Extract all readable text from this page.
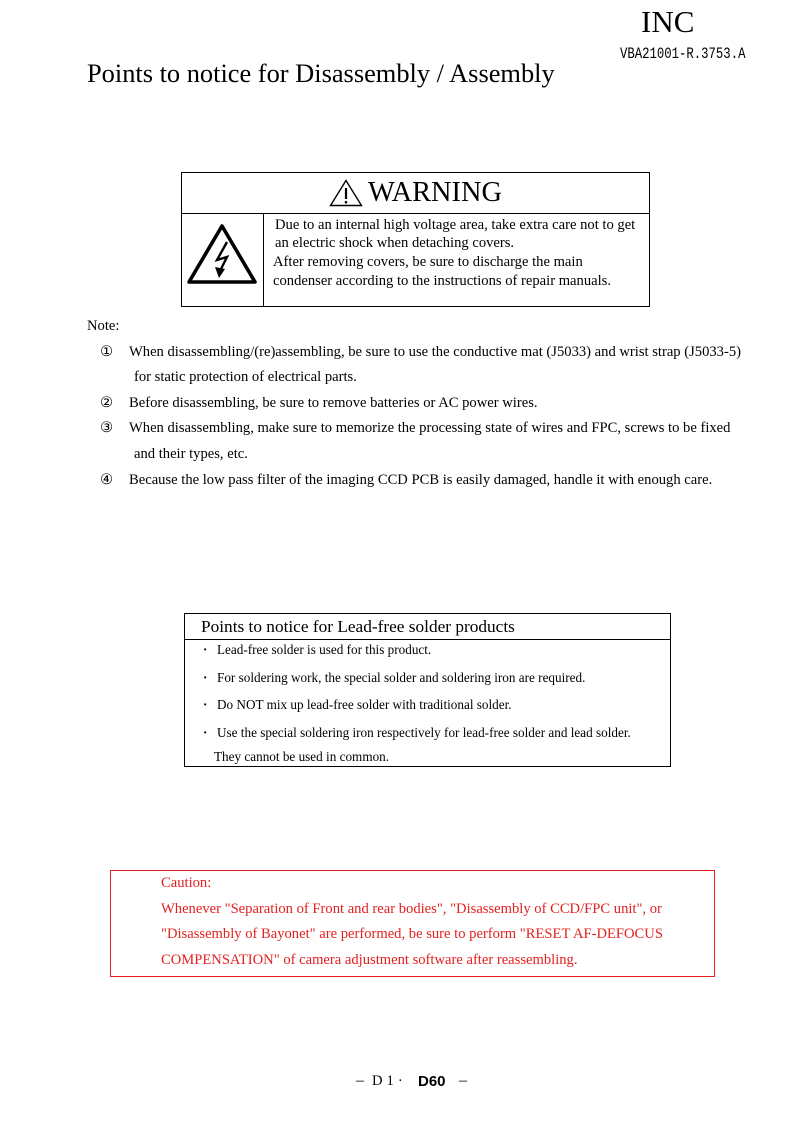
INC
VBA21001-R.3753.A
Points to notice for Disassembly / Assembly
WARNING
Due to an internal high voltage area, take extra care not to get
an electric shock when detaching covers.
After removing covers, be sure to discharge the main
condenser according to the instructions of repair manuals.
Note:
① When disassembling/(re)assembling, be sure to use the conductive mat (J5033) and wrist strap (J5033-5)
for static protection of electrical parts.
② Before disassembling, be sure to remove batteries or AC power wires.
③ When disassembling, make sure to memorize the processing state of wires and FPC, screws to be fixed
and their types, etc.
④ Because the low pass filter of the imaging CCD PCB is easily damaged, handle it with enough care.
Points to notice for Lead-free solder products
· Lead-free solder is used for this product.
· For soldering work, the special solder and soldering iron are required.
· Do NOT mix up lead-free solder with traditional solder.
· Use the special soldering iron respectively for lead-free solder and lead solder.
They cannot be used in common.
Caution:
Whenever "Separation of Front and rear bodies", "Disassembly of CCD/FPC unit", or
"Disassembly of Bayonet" are performed, be sure to perform "RESET AF-DEFOCUS
COMPENSATION" of camera adjustment software after reassembling.
– D1· D60 –
